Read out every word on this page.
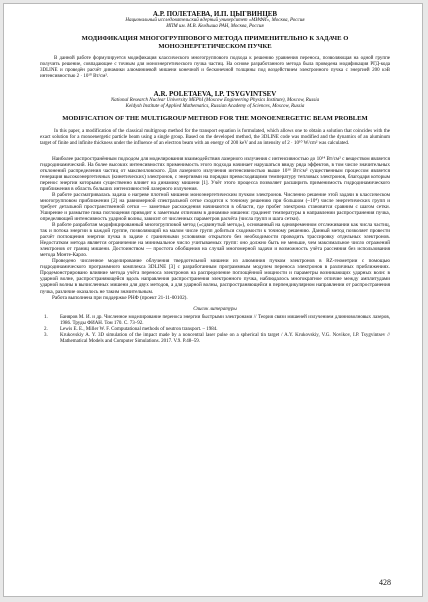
А.Р. ПОЛЕТАЕВА, И.П. ЦЫГВИНЦЕВ
Национальный исследовательский ядерный университет «МИФИ», Москва, Россия
ИПМ им. М.В. Келдыша РАН, Москва, Россия
МОДИФИКАЦИЯ МНОГОГРУППОВОГО МЕТОДА ПРИМЕНИТЕЛЬНО К ЗАДАЧЕ О МОНОЭНЕРГЕТИЧЕСКОМ ПУЧКЕ

В данной работе формулируется модификация классического многогруппового подхода к решению уравнения переноса, позволяющая на одной группе получить решение, совпадающее с точным для моноэнергетического пучка частиц. На основе разработанного метода была проведена модификация РГД-кода 3DLINE и проведён расчёт динамики алюминиевой мишени конечной и бесконечной толщины под воздействием электронного пучка с энергией 200 кэВ интенсивностью 2 · 10¹⁰ Вт/см².

A.R. POLETAEVA, I.P. TSYGVINTSEV
National Research Nuclear University MEPhI (Moscow Engineering Physics Institute), Moscow, Russia
Keldysh Institute of Applied Mathematics, Russian Academy of Sciences, Moscow, Russia
MODIFICATION OF THE MULTIGROUP METHOD FOR THE MONOENERGETIC BEAM PROBLEM

In this paper, a modification of the classical multigroup method for the transport equation is formulated, which allows one to obtain a solution that coincides with the exact solution for a monoenergetic particle beam using a single group. Based on the developed method, the 3DLINE code was modified and the dynamics of an aluminum target of finite and infinite thickness under the influence of an electron beam with an energy of 200 keV and an intensity of 2 · 10¹⁰ W/cm² was calculated.

Наиболее распространённым подходом для моделирования взаимодействия лазерного излучения с интенсивностью до 10¹⁴ Вт/см² с веществом является гидродинамический. На более высоких интенсивностях применимость этого подхода начинает нарушаться ввиду ряда эффектов, в том числе значительных отклонений распределения частиц от максвелловского. Для лазерного излучения интенсивностью выше 10¹⁶ Вт/см² существенным процессом является генерация высокоэнергетичных (кинетических) электронов, с энергиями на порядки превосходящими температуру тепловых электронов, благодаря которым перенос энергии которыми существенно влияет на динамику мишени [1]. Учёт этого процесса позволяет расширить применимость гидродинамического приближения в область больших интенсивностей лазерного излучения.

В работе рассматривалась задача о нагреве плотной мишени моноэнергетическим пучком электронов. Численно решение этой задачи в классическом многогрупповом приближении [2] на равномерной спектральной сетке сходится к точному решению при большом (~10⁴) числе энергетических групп и требует детальной пространственной сетки — заметные расхождения начинаются в области, где пробег электрона становится сравним с шагом сетки. Уширение и размытие пика поглощения приводит к заметным отличиям в динамике мишени: градиент температуры в направлении распространения пучка, определяющей интенсивность ударной волны, зависит от численных параметров расчёта (числа групп и шага сетки).

В работе разработан модифицированный многогрупповой метод («сдвинутый метод»), основанный на одновременном отслеживании как числа частиц, так и потока энергии в каждой группе, позволяющий на малом числе групп добиться сходимости к точному решению. Данный метод позволяет провести расчёт поглощения энергии пучка в задаче с граничными условиями открытого без необходимости проводить трассировку отдельных электронов. Недостатком метода является ограничение на минимальное число учитываемых групп: оно должно быть не меньше, чем максимальное число отражений электронов от границ мишени. Достоинством — простота обобщения на случай многомерной задачи и возможность учёта рассеяния без использования метода Монте-Карло.

Проведено численное моделирование облучения твердотельной мишени из алюминия пучком электронов в RZ-геометрии с помощью гидродинамического программного комплекса 3DLINE [3] с разработанным программным модулем переноса электронов в различных приближениях. Продемонстрировано влияние метода учёта переноса электронов на распределение поглощённой мощности и параметры возникающих ударных волн: в ударной волне, распространяющейся вдоль направления распространения электронного пучка, наблюдалось многократное отличие между амплитудами ударной волны в вычисленных мишени для двух методов, а для ударной волны, распространяющейся в перпендикулярном направлении от распространения пучка, различие оказалось не таким значительным.

Работа выполнена при поддержке РНФ (проект 21-11-00102).

Список литературы
1.	Баняров М. И. и др. Численное моделирование переноса энергии быстрыми электронами // Теория связи мишеней излучением длинноволновых лазеров, 1986. Труды ФИАН. Том 170. С. 73–92.
2.	Lewis E. E., Miller W. F. Computational methods of neutron transport. – 1984.
3.	Krukovskiy A. Y. 3D simulation of the impact made by a noncentral laser pulse on a spherical tin target / A.Y. Krukovskiy, V.G. Novikov, I.P. Tsygvintsev // Mathematical Models and Computer Simulations. 2017. V.9. P.48–59.
428
